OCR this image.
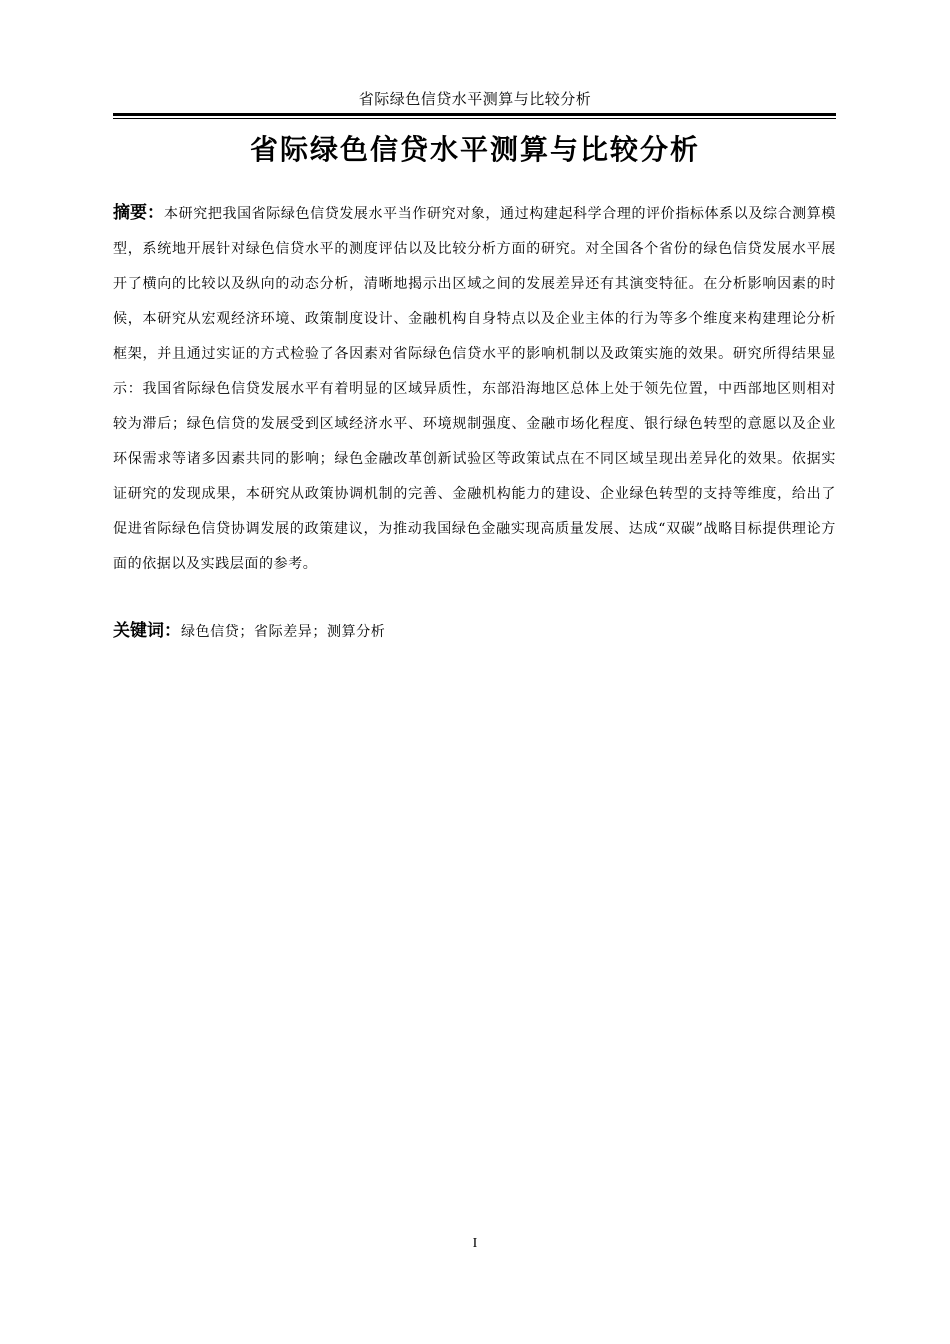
省际绿色信贷水平测算与比较分析
省际绿色信贷水平测算与比较分析

摘要：本研究把我国省际绿色信贷发展水平当作研究对象，通过构建起科学合理的评价指标体系以及综合测算模型，系统地开展针对绿色信贷水平的测度评估以及比较分析方面的研究。对全国各个省份的绿色信贷发展水平展开了横向的比较以及纵向的动态分析，清晰地揭示出区域之间的发展差异还有其演变特征。在分析影响因素的时候，本研究从宏观经济环境、政策制度设计、金融机构自身特点以及企业主体的行为等多个维度来构建理论分析框架，并且通过实证的方式检验了各因素对省际绿色信贷水平的影响机制以及政策实施的效果。研究所得结果显示：我国省际绿色信贷发展水平有着明显的区域异质性，东部沿海地区总体上处于领先位置，中西部地区则相对较为滞后；绿色信贷的发展受到区域经济水平、环境规制强度、金融市场化程度、银行绿色转型的意愿以及企业环保需求等诸多因素共同的影响；绿色金融改革创新试验区等政策试点在不同区域呈现出差异化的效果。依据实证研究的发现成果，本研究从政策协调机制的完善、金融机构能力的建设、企业绿色转型的支持等维度，给出了促进省际绿色信贷协调发展的政策建议，为推动我国绿色金融实现高质量发展、达成“双碳”战略目标提供理论方面的依据以及实践层面的参考。

关键词：绿色信贷；省际差异；测算分析

I
